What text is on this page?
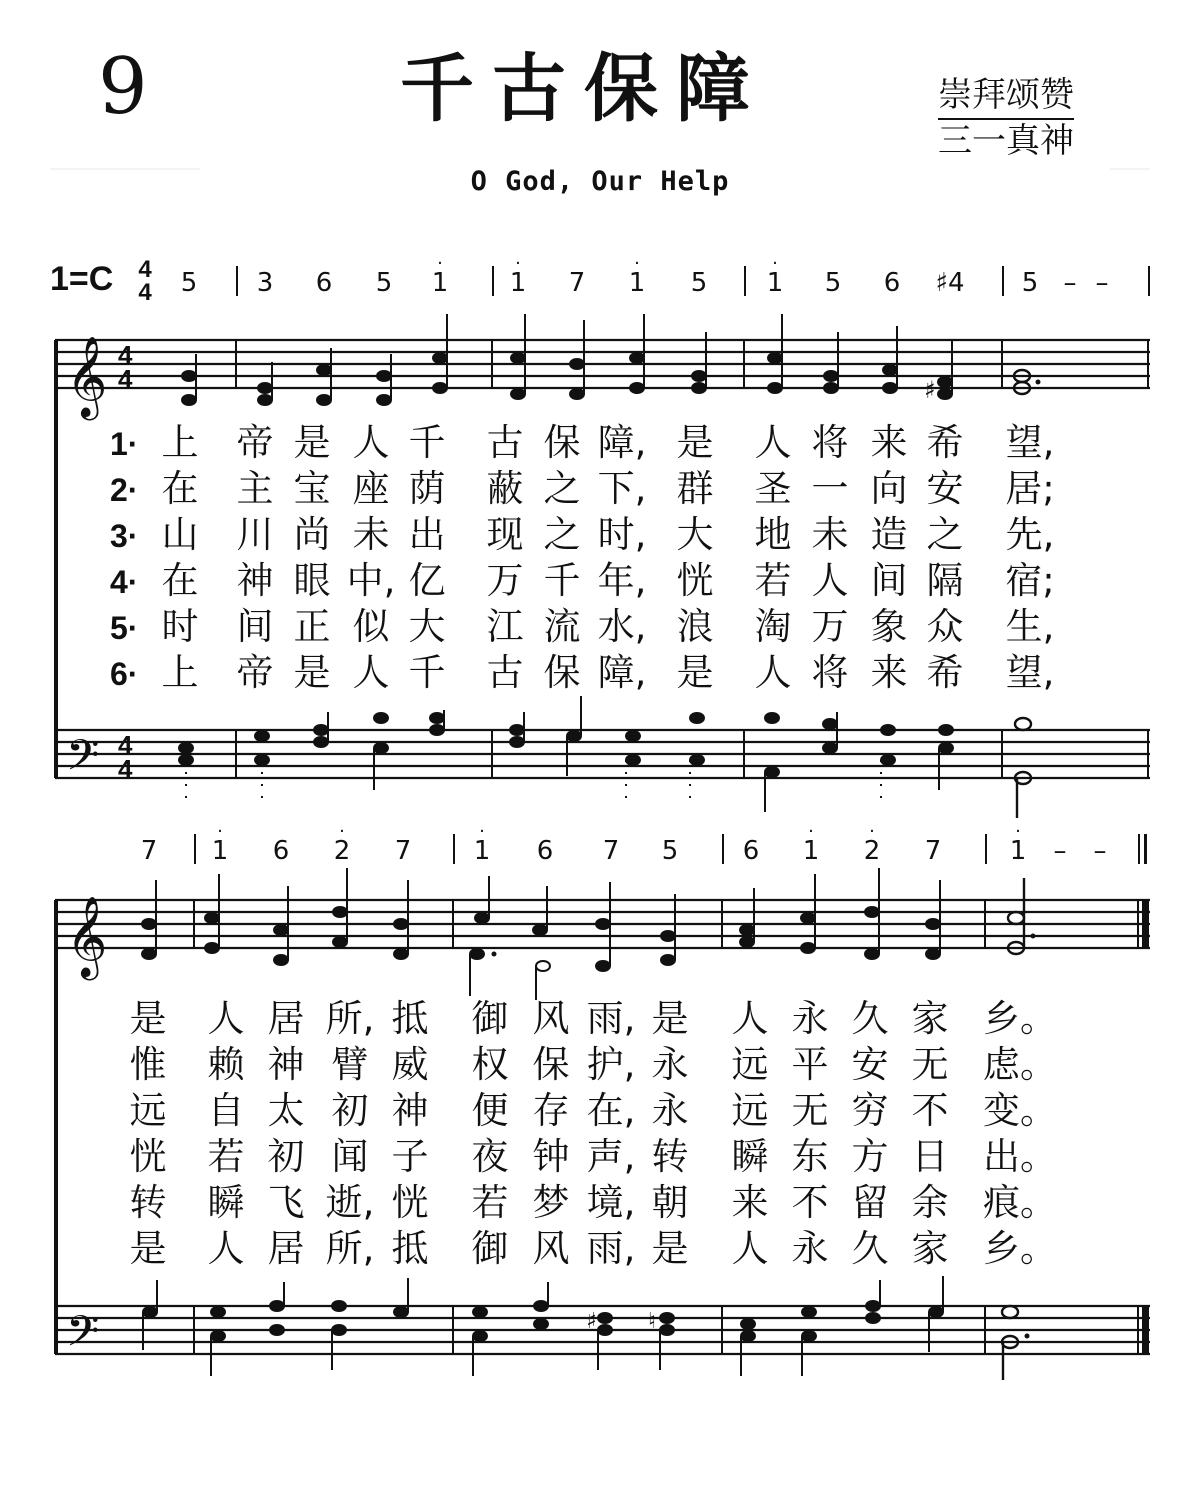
9	千古保障	崇拜颂赞
三一真神
O God, Our Help
1=C 4
4 5 3 6 5 1
·
1
·
7 1
·
5 1
·
5 6 ♯4 5 – –
7 1
·
6 2
·
7 1
·
6 7 5 6 1
·
2
·
7	1
·
– –
𝄞
𝄢
4
4
4
4
♯
𝄞
𝄢	♯ ♮
1· 上 帝 是 人 千 古 保 障, 是 人 将 来 希 望,
2· 在 主 宝 座 荫 蔽 之 下, 群 圣 一 向 安 居;
3· 山 川 尚 未 出 现 之 时, 大 地 未 造 之 先,
4· 在 神 眼 中, 亿 万 千 年, 恍 若 人 间 隔 宿;
5· 时 间 正 似 大 江 流 水, 浪 淘 万 象 众 生,
6· 上 帝 是 人 千 古 保 障, 是 人 将 来 希 望,
是 人 居 所, 抵 御 风 雨, 是 人 永 久 家 乡。
惟 赖 神 臂 威 权 保 护, 永 远 平 安 无 虑。
远 自 太 初 神 便 存 在, 永 远 无 穷 不 变。
恍 若 初 闻 子 夜 钟 声, 转 瞬 东 方 日 出。
转 瞬 飞 逝, 恍 若 梦 境, 朝 来 不 留 余 痕。
是 人 居 所, 抵 御 风 雨, 是 人 永 久 家 乡。
